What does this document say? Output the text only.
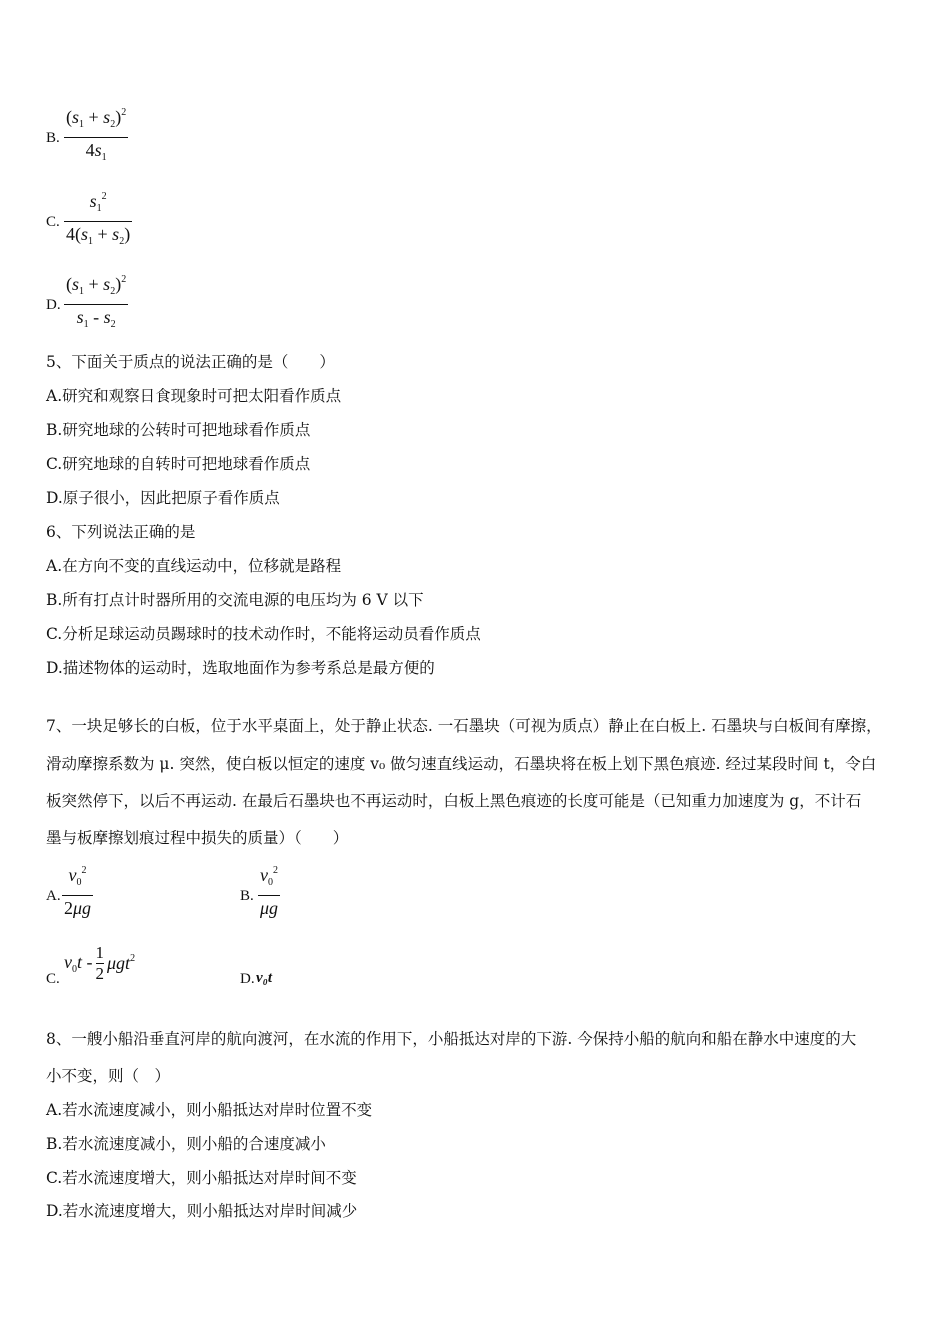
B.
$(s_1 + s_2)^2$
$4s_1$
C.
$s_1^2$
$4(s_1 + s_2)$
D.
$(s_1 + s_2)^2$
$s_1 - s_2$
5、下面关于质点的说法正确的是（　　）
A.研究和观察日食现象时可把太阳看作质点
B.研究地球的公转时可把地球看作质点
C.研究地球的自转时可把地球看作质点
D.原子很小，因此把原子看作质点
6、下列说法正确的是
A.在方向不变的直线运动中，位移就是路程
B.所有打点计时器所用的交流电源的电压均为 6 V 以下
C.分析足球运动员踢球时的技术动作时，不能将运动员看作质点
D.描述物体的运动时，选取地面作为参考系总是最方便的
7、一块足够长的白板，位于水平桌面上，处于静止状态. 一石墨块（可视为质点）静止在白板上. 石墨块与白板间有摩擦，
滑动摩擦系数为 μ. 突然，使白板以恒定的速度 v₀ 做匀速直线运动，石墨块将在板上划下黑色痕迹. 经过某段时间 t，令白
板突然停下，以后不再运动. 在最后石墨块也不再运动时，白板上黑色痕迹的长度可能是（已知重力加速度为 g，不计石
墨与板摩擦划痕过程中损失的质量）（　　）
A.
$v_0^2$
2μg
B.
$v_0^2$
μg
C.
$v_0t - \frac{1}{2} \mu gt^2$
D. v₀t
8、一艘小船沿垂直河岸的航向渡河，在水流的作用下，小船抵达对岸的下游. 今保持小船的航向和船在静水中速度的大
小不变，则（　）
A.若水流速度减小，则小船抵达对岸时位置不变
B.若水流速度减小，则小船的合速度减小
C.若水流速度增大，则小船抵达对岸时间不变
D.若水流速度增大，则小船抵达对岸时间减少
